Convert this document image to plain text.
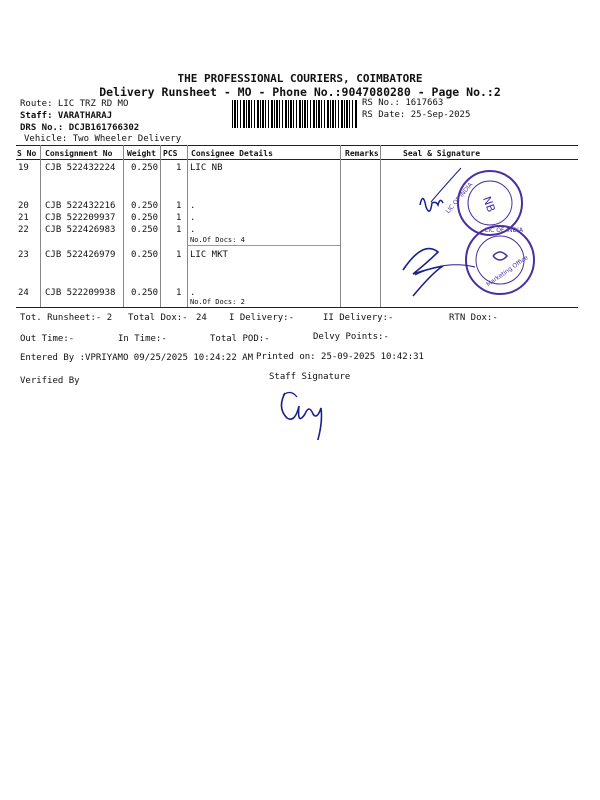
THE PROFESSIONAL COURIERS, COIMBATORE
Delivery Runsheet - MO - Phone No.:9047080280 - Page No.:2
Route: LIC TRZ RD MO
Staff: VARATHARAJ
DRS No.: DCJB161766302
Vehicle: Two Wheeler Delivery
RS No.: 1617663
RS Date: 25-Sep-2025
S No Consignment No Weight PCS Consignee Details	Remarks	Seal & Signature
19 CJB 522432224 0.250 1 LIC NB
20 CJB 522432216 0.250 1 .
21 CJB 522209937 0.250 1 .
22 CJB 522426983 0.250 1 .
No.Of Docs: 4
23 CJB 522426979 0.250 1 LIC MKT
24 CJB 522209938 0.250 1 .
No.Of Docs: 2
NB
LIC OF INDIA
Marketing Office
LIC OF INDIA
Tot. Runsheet:- 2 Total Dox:- 24 I Delivery:-	II Delivery:-	RTN Dox:-
Out Time:-	In Time:-	Total POD:-	Delvy Points:-
Entered By :VPRIYAMO 09/25/2025 10:24:22 AM Printed on: 25-09-2025 10:42:31
Verified By	Staff Signature
